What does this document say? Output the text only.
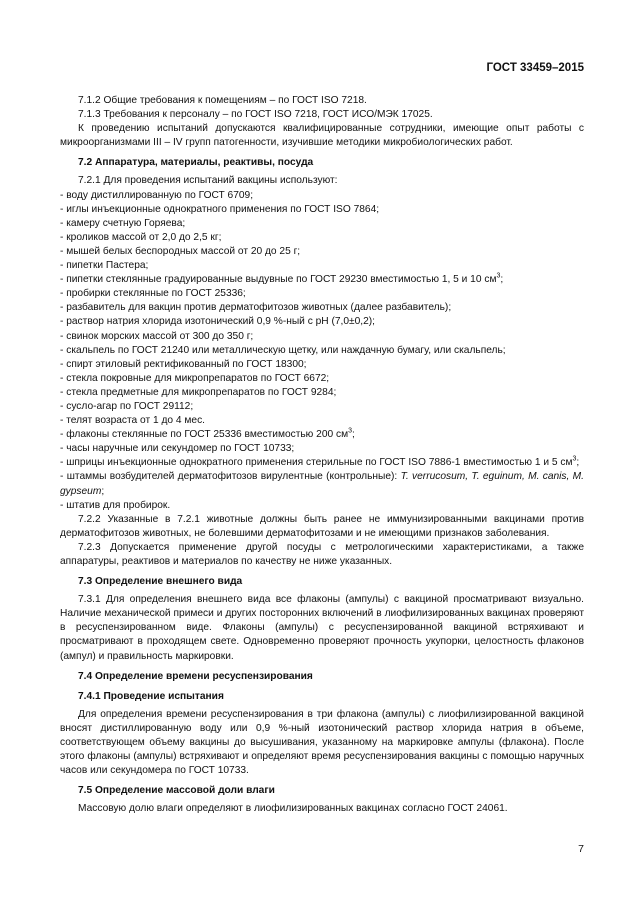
ГОСТ 33459–2015

7.1.2 Общие требования к помещениям – по ГОСТ ISO 7218.

7.1.3 Требования к персоналу – по ГОСТ ISO 7218, ГОСТ ИСО/МЭК 17025.

К проведению испытаний допускаются квалифицированные сотрудники, имеющие опыт работы с микроорганизмами III – IV групп патогенности, изучившие методики микробиологических работ.

7.2 Аппаратура, материалы, реактивы, посуда

7.2.1 Для проведения испытаний вакцины используют:

- воду дистиллированную по ГОСТ 6709;

- иглы инъекционные однократного применения по ГОСТ ISO 7864;

- камеру счетную Горяева;

- кроликов массой от 2,0 до 2,5 кг;

- мышей белых беспородных массой от 20 до 25 г;

- пипетки Пастера;

- пипетки стеклянные градуированные выдувные по ГОСТ 29230 вместимостью 1, 5 и 10 $см^3$;

- пробирки стеклянные по ГОСТ 25336;

- разбавитель для вакцин против дерматофитозов животных (далее разбавитель);

- раствор натрия хлорида изотонический 0,9 %-ный с pH (7,0±0,2);

- свинок морских массой от 300 до 350 г;

- скальпель по ГОСТ 21240 или металлическую щетку, или наждачную бумагу, или скальпель;

- спирт этиловый ректификованный по ГОСТ 18300;

- стекла покровные для микропрепаратов по ГОСТ 6672;

- стекла предметные для микропрепаратов по ГОСТ 9284;

- сусло-агар по ГОСТ 29112;

- телят возраста от 1 до 4 мес.

- флаконы стеклянные по ГОСТ 25336 вместимостью 200 $см^3$;

- часы наручные или секундомер по ГОСТ 10733;

- шприцы инъекционные однократного применения стерильные по ГОСТ ISO 7886-1 вместимостью 1 и 5 $см^3$;

- штаммы возбудителей дерматофитозов вирулентные (контрольные): T. verrucosum, T. eguinum, M. canis, M. gypseum;

- штатив для пробирок.

7.2.2 Указанные в 7.2.1 животные должны быть ранее не иммунизированными вакцинами против дерматофитозов животных, не болевшими дерматофитозами и не имеющими признаков заболевания.

7.2.3 Допускается применение другой посуды с метрологическими характеристиками, а также аппаратуры, реактивов и материалов по качеству не ниже указанных.

7.3 Определение внешнего вида

7.3.1 Для определения внешнего вида все флаконы (ампулы) с вакциной просматривают визуально. Наличие механической примеси и других посторонних включений в лиофилизированных вакцинах проверяют в ресуспензированном виде. Флаконы (ампулы) с ресуспензированной вакциной встряхивают и просматривают в проходящем свете. Одновременно проверяют прочность укупорки, целостность флаконов (ампул) и правильность маркировки.

7.4 Определение времени ресуспензирования

7.4.1 Проведение испытания

Для определения времени ресуспензирования в три флакона (ампулы) с лиофилизированной вакциной вносят дистиллированную воду или 0,9 %-ный изотонический раствор хлорида натрия в объеме, соответствующем объему вакцины до высушивания, указанному на маркировке ампулы (флакона). После этого флаконы (ампулы) встряхивают и определяют время ресуспензирования вакцины с помощью наручных часов или секундомера по ГОСТ 10733.

7.5 Определение массовой доли влаги

Массовую долю влаги определяют в лиофилизированных вакцинах согласно ГОСТ 24061.

7
